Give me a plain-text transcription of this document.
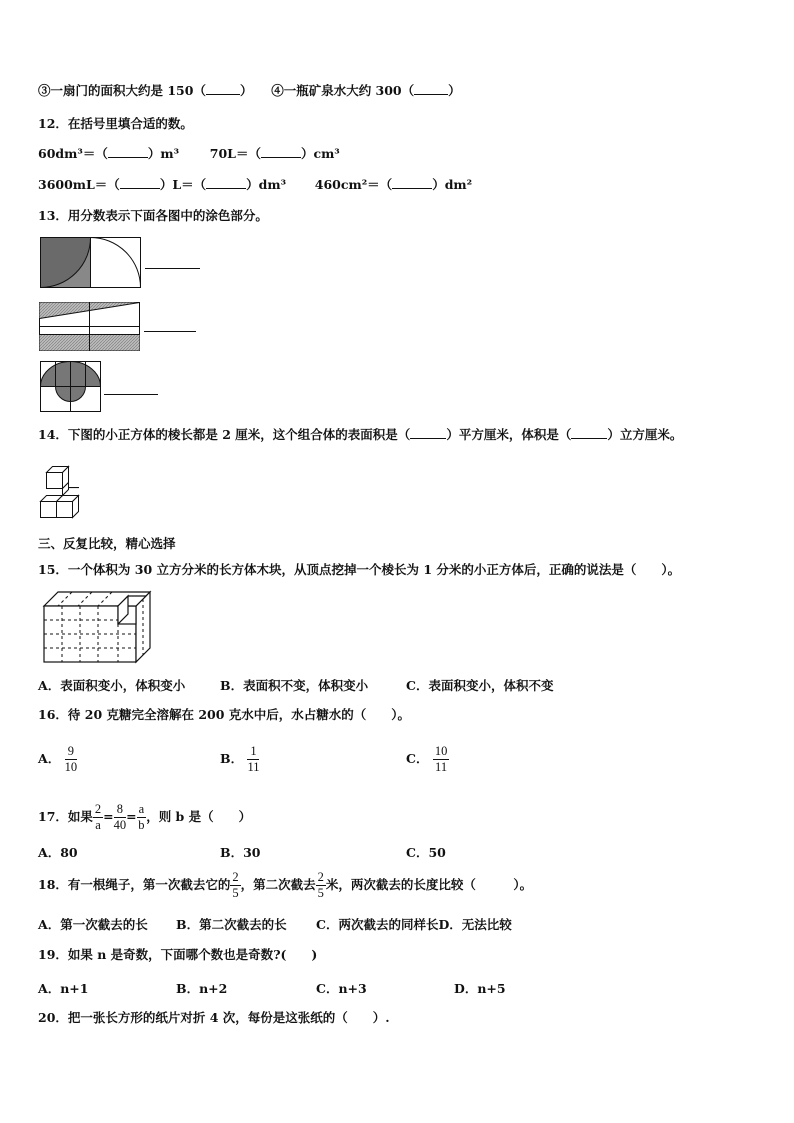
③一扇门的面积大约是 150（	） ④一瓶矿泉水大约 300（	）
12．在括号里填合适的数。
60dm³＝（	）m³ 70L＝（	）cm³
3600mL＝（	）L＝（	）dm³ 460cm²＝（	）dm²
13．用分数表示下面各图中的涂色部分。
14．下图的小正方体的棱长都是 2 厘米，这个组合体的表面积是（	）平方厘米，体积是（	）立方厘米。
三、反复比较，精心选择
15．一个体积为 30 立方分米的长方体木块，从顶点挖掉一个棱长为 1 分米的小正方体后，正确的说法是（　　）。
A．表面积变小，体积变小	B．表面积不变，体积变小	C．表面积变小，体积不变
16．待 20 克糖完全溶解在 200 克水中后，水占糖水的（　　）。
A． $\frac{9}{10}$	B． $\frac{1}{11}$	C． $\frac{10}{11}$
17．如果 $\frac{2}{a} = \frac{8}{40} = \frac{a}{b}$ ，则 b 是（　　）
A．80	B．30	C．50
18．有一根绳子，第一次截去它的 $\frac{2}{5}$ ，第二次截去 $\frac{2}{5}$ 米，两次截去的长度比较（　　　）。
A．第一次截去的长 B．第二次截去的长 C．两次截去的同样长D．无法比较
19．如果 n 是奇数，下面哪个数也是奇数?(　　)
A．n+1	B．n+2	C．n+3	D．n+5
20．把一张长方形的纸片对折 4 次，每份是这张纸的（　　）.
